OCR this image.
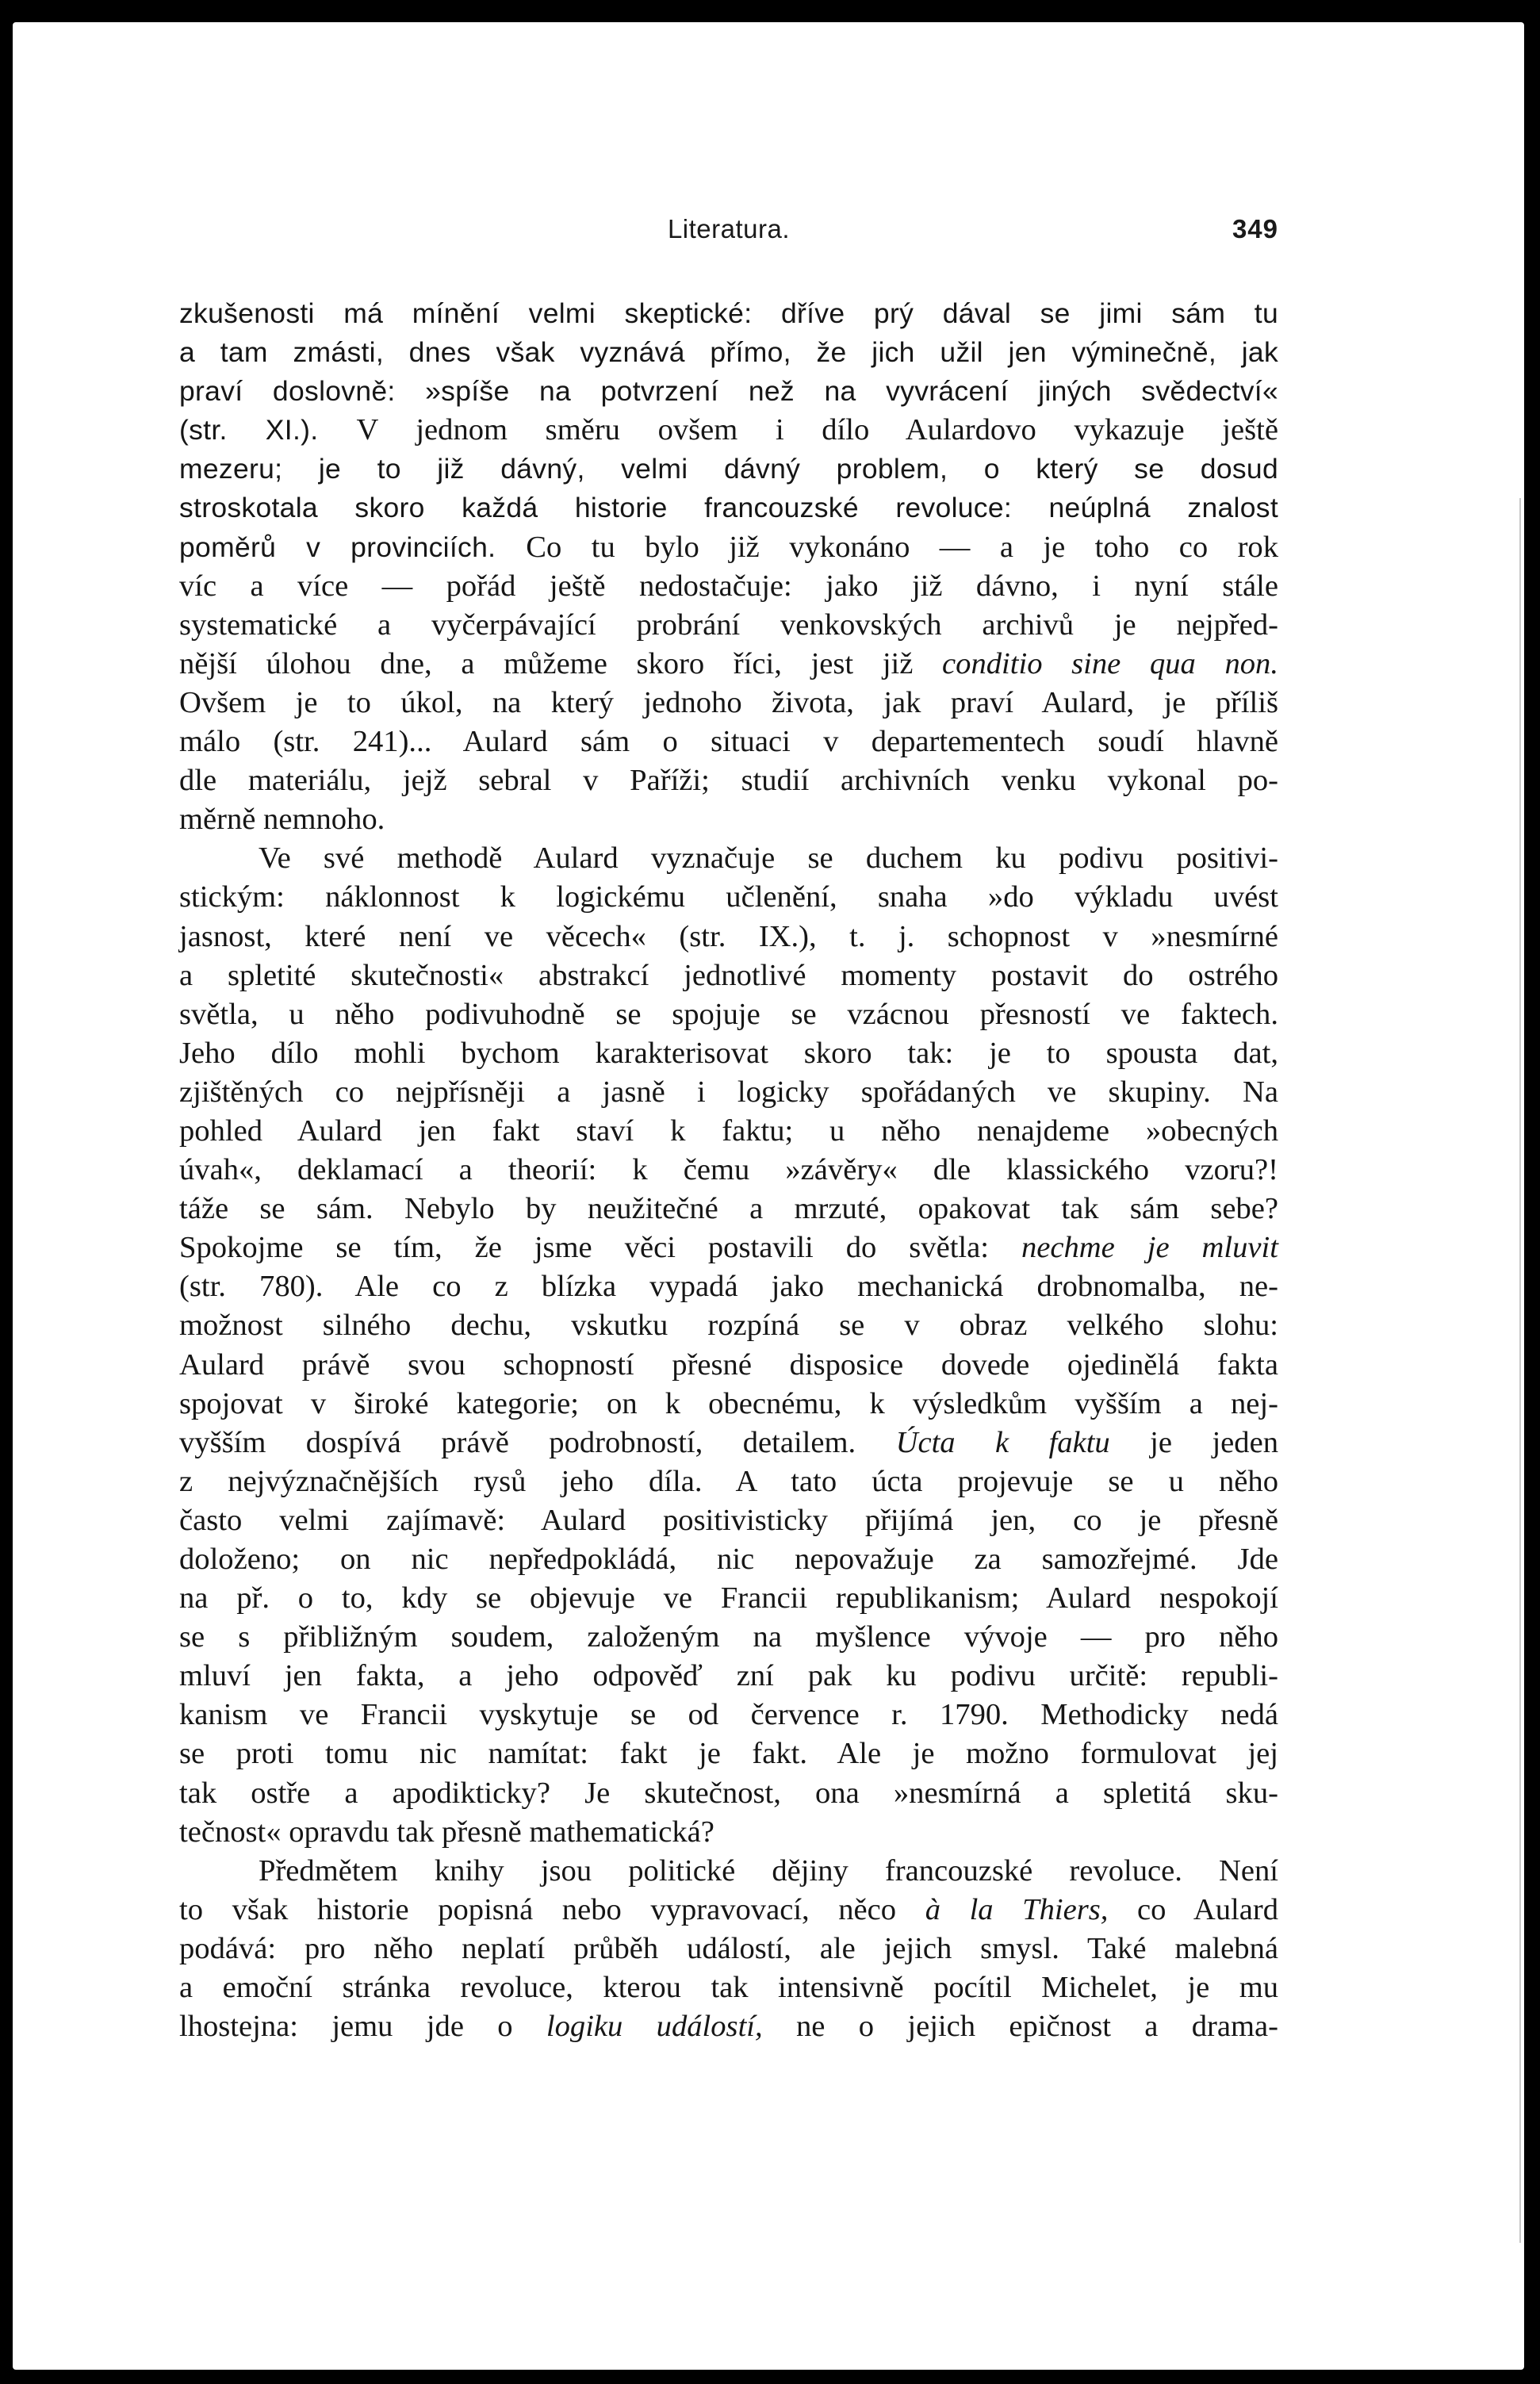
Literatura.	349
zkušenosti má mínění velmi skeptické: dříve prý dával se jimi sám tu
a tam zmásti, dnes však vyznává přímo, že jich užil jen výminečně, jak
praví doslovně: »spíše na potvrzení než na vyvrácení jiných svědectví«
(str. XI.). V jednom směru ovšem i dílo Aulardovo vykazuje ještě
mezeru; je to již dávný, velmi dávný problem, o který se dosud
stroskotala skoro každá historie francouzské revoluce: neúplná znalost
poměrů v provinciích. Co tu bylo již vykonáno — a je toho co rok
víc a více — pořád ještě nedostačuje: jako již dávno, i nyní stále
systematické a vyčerpávající probrání venkovských archivů je nejpřed-
nější úlohou dne, a můžeme skoro říci, jest již conditio sine qua non.
Ovšem je to úkol, na který jednoho života, jak praví Aulard, je příliš
málo (str. 241)... Aulard sám o situaci v departementech soudí hlavně
dle materiálu, jejž sebral v Paříži; studií archivních venku vykonal po-
měrně nemnoho.
Ve své methodě Aulard vyznačuje se duchem ku podivu positivi-
stickým: náklonnost k logickému učlenění, snaha »do výkladu uvést
jasnost, které není ve věcech« (str. IX.), t. j. schopnost v »nesmírné
a spletité skutečnosti« abstrakcí jednotlivé momenty postavit do ostrého
světla, u něho podivuhodně se spojuje se vzácnou přesností ve faktech.
Jeho dílo mohli bychom karakterisovat skoro tak: je to spousta dat,
zjištěných co nejpřísněji a jasně i logicky spořádaných ve skupiny. Na
pohled Aulard jen fakt staví k faktu; u něho nenajdeme »obecných
úvah«, deklamací a theorií: k čemu »závěry« dle klassického vzoru?!
táže se sám. Nebylo by neužitečné a mrzuté, opakovat tak sám sebe?
Spokojme se tím, že jsme věci postavili do světla: nechme je mluvit
(str. 780). Ale co z blízka vypadá jako mechanická drobnomalba, ne-
možnost silného dechu, vskutku rozpíná se v obraz velkého slohu:
Aulard právě svou schopností přesné disposice dovede ojedinělá fakta
spojovat v široké kategorie; on k obecnému, k výsledkům vyšším a nej-
vyšším dospívá právě podrobností, detailem. Úcta k faktu je jeden
z nejvýznačnějších rysů jeho díla. A tato úcta projevuje se u něho
často velmi zajímavě: Aulard positivisticky přijímá jen, co je přesně
doloženo; on nic nepředpokládá, nic nepovažuje za samozřejmé. Jde
na př. o to, kdy se objevuje ve Francii republikanism; Aulard nespokojí
se s přibližným soudem, založeným na myšlence vývoje — pro něho
mluví jen fakta, a jeho odpověď zní pak ku podivu určitě: republi-
kanism ve Francii vyskytuje se od července r. 1790. Methodicky nedá
se proti tomu nic namítat: fakt je fakt. Ale je možno formulovat jej
tak ostře a apodikticky? Je skutečnost, ona »nesmírná a spletitá sku-
tečnost« opravdu tak přesně mathematická?
Předmětem knihy jsou politické dějiny francouzské revoluce. Není
to však historie popisná nebo vypravovací, něco à la Thiers, co Aulard
podává: pro něho neplatí průběh událostí, ale jejich smysl. Také malebná
a emoční stránka revoluce, kterou tak intensivně pocítil Michelet, je mu
lhostejna: jemu jde o logiku událostí, ne o jejich epičnost a drama-
